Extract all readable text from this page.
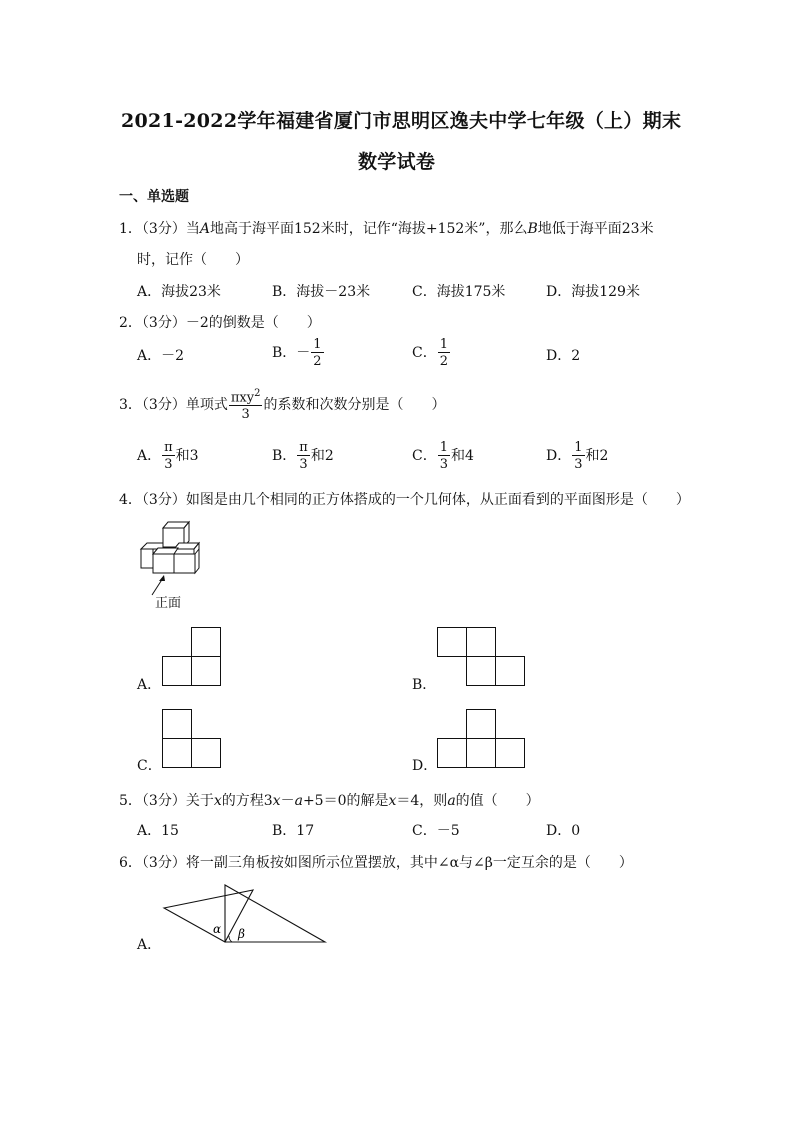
2021-2022学年福建省厦门市思明区逸夫中学七年级（上）期末
数学试卷
一、单选题
1．（3分）当A地高于海平面152米时，记作“海拔+152米”，那么B地低于海平面23米
时，记作（　　）
A．海拔23米	B．海拔－23米	C．海拔175米	D．海拔129米
2．（3分）－2的倒数是（　　）
A．－2	B．－ $\frac{1}{2}$	C． $\frac{1}{2}$	D．2
3．（3分）单项式 $\frac{\pi xy^2}{3}$ 的系数和次数分别是（　　）
A． $\frac{\pi}{3}$ 和3	B． $\frac{\pi}{3}$ 和2	C． $\frac{1}{3}$ 和4	D． $\frac{1}{3}$ 和2
4．（3分）如图是由几个相同的正方体搭成的一个几何体，从正面看到的平面图形是（　　）
正面
A．	B．
C．	D．
5．（3分）关于x的方程3x－a+5＝0的解是x＝4，则a的值（　　）
A．15	B．17	C．－5	D．0
6．（3分）将一副三角板按如图所示位置摆放，其中∠α与∠β一定互余的是（　　）
A．
α β
